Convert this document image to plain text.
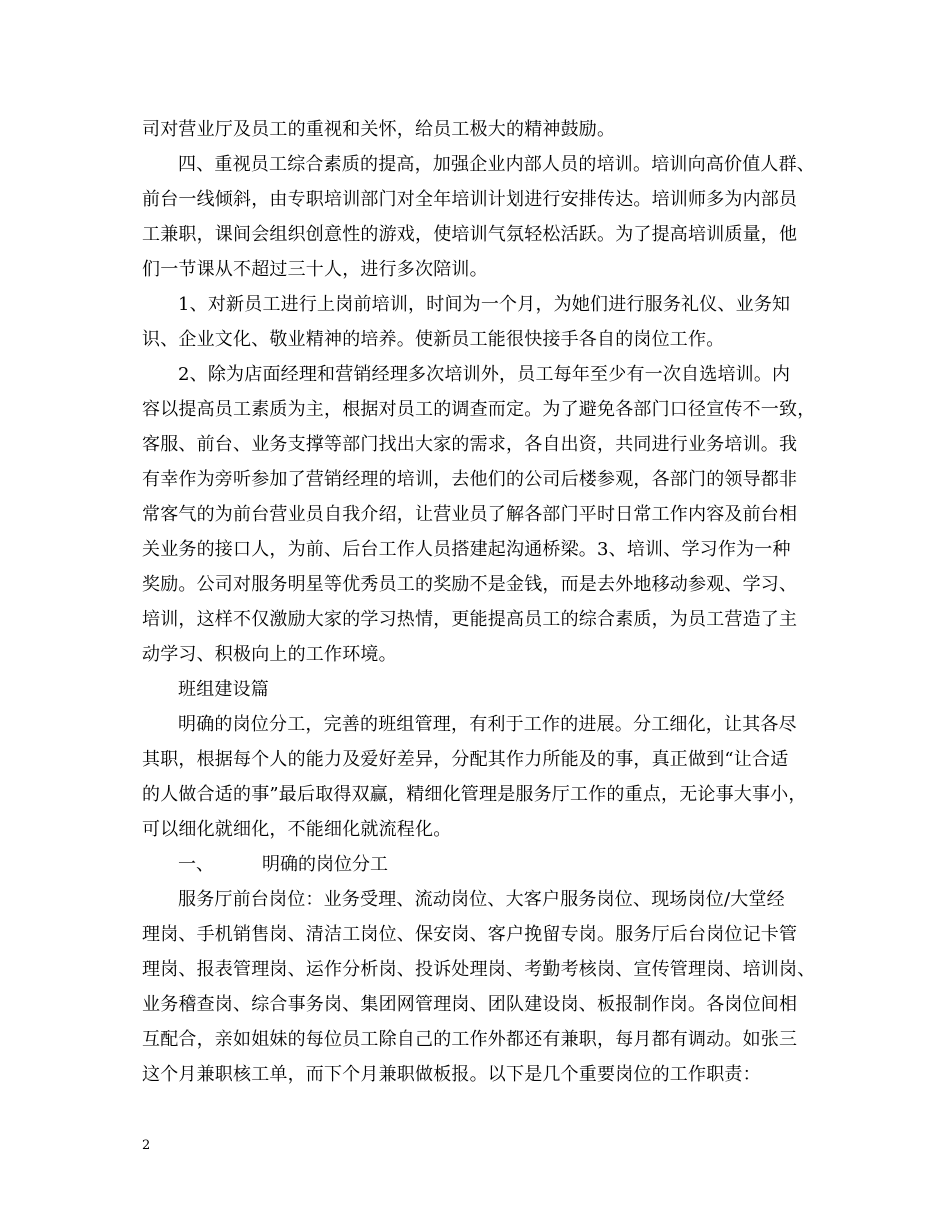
司对营业厅及员工的重视和关怀，给员工极大的精神鼓励。
四、重视员工综合素质的提高，加强企业内部人员的培训。培训向高价值人群、
前台一线倾斜，由专职培训部门对全年培训计划进行安排传达。培训师多为内部员
工兼职，课间会组织创意性的游戏，使培训气氛轻松活跃。为了提高培训质量，他
们一节课从不超过三十人，进行多次陪训。
1、对新员工进行上岗前培训，时间为一个月，为她们进行服务礼仪、业务知
识、企业文化、敬业精神的培养。使新员工能很快接手各自的岗位工作。
2、除为店面经理和营销经理多次培训外，员工每年至少有一次自选培训。内
容以提高员工素质为主，根据对员工的调查而定。为了避免各部门口径宣传不一致，
客服、前台、业务支撑等部门找出大家的需求，各自出资，共同进行业务培训。我
有幸作为旁听参加了营销经理的培训，去他们的公司后楼参观，各部门的领导都非
常客气的为前台营业员自我介绍，让营业员了解各部门平时日常工作内容及前台相
关业务的接口人，为前、后台工作人员搭建起沟通桥梁。3、培训、学习作为一种
奖励。公司对服务明星等优秀员工的奖励不是金钱，而是去外地移动参观、学习、
培训，这样不仅激励大家的学习热情，更能提高员工的综合素质，为员工营造了主
动学习、积极向上的工作环境。
班组建设篇
明确的岗位分工，完善的班组管理，有利于工作的进展。分工细化，让其各尽
其职，根据每个人的能力及爱好差异，分配其作力所能及的事，真正做到“让合适
的人做合适的事”最后取得双赢，精细化管理是服务厅工作的重点，无论事大事小，
可以细化就细化，不能细化就流程化。
一、	明确的岗位分工
服务厅前台岗位：业务受理、流动岗位、大客户服务岗位、现场岗位/大堂经
理岗、手机销售岗、清洁工岗位、保安岗、客户挽留专岗。服务厅后台岗位记卡管
理岗、报表管理岗、运作分析岗、投诉处理岗、考勤考核岗、宣传管理岗、培训岗、
业务稽查岗、综合事务岗、集团网管理岗、团队建设岗、板报制作岗。各岗位间相
互配合，亲如姐妹的每位员工除自己的工作外都还有兼职，每月都有调动。如张三
这个月兼职核工单，而下个月兼职做板报。以下是几个重要岗位的工作职责：
2
